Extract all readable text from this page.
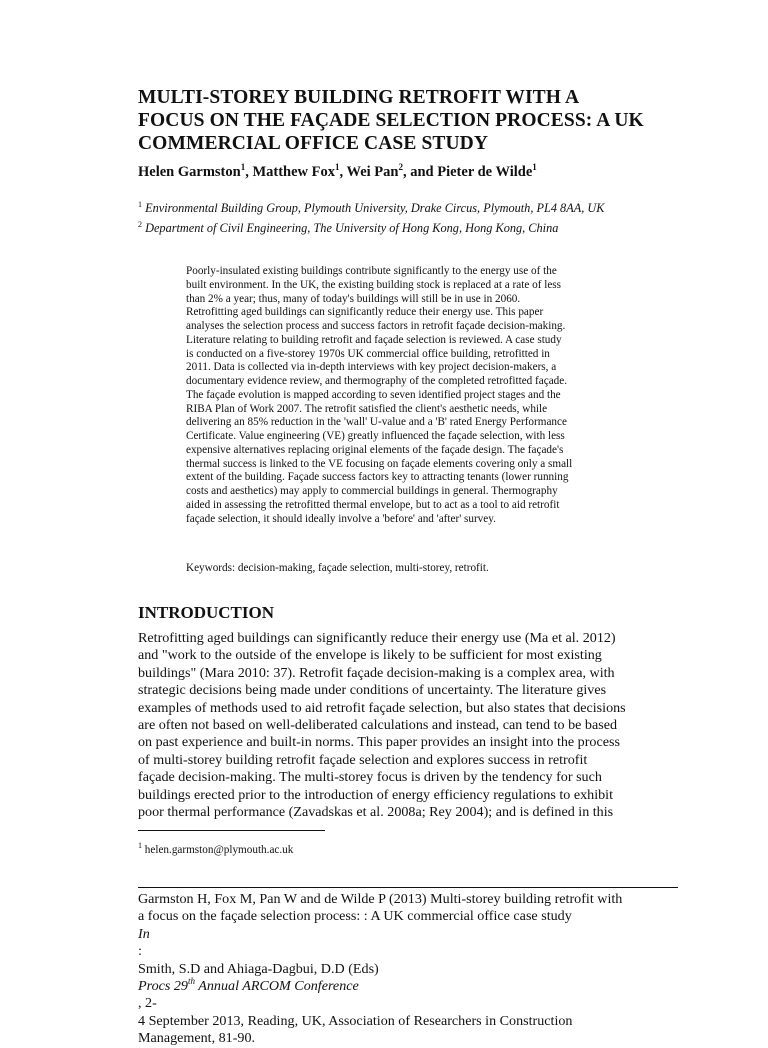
MULTI-STOREY BUILDING RETROFIT WITH A
FOCUS ON THE FAÇADE SELECTION PROCESS: A UK
COMMERCIAL OFFICE CASE STUDY

Helen Garmston$^1$, Matthew Fox$^1$, Wei Pan$^2$, and Pieter de Wilde$^1$

$^1$ Environmental Building Group, Plymouth University, Drake Circus, Plymouth, PL4 8AA, UK

$^2$ Department of Civil Engineering, The University of Hong Kong, Hong Kong, China

Poorly-insulated existing buildings contribute significantly to the energy use of the
built environment. In the UK, the existing building stock is replaced at a rate of less
than 2% a year; thus, many of today's buildings will still be in use in 2060.
Retrofitting aged buildings can significantly reduce their energy use. This paper
analyses the selection process and success factors in retrofit façade decision-making.
Literature relating to building retrofit and façade selection is reviewed. A case study
is conducted on a five-storey 1970s UK commercial office building, retrofitted in
2011. Data is collected via in-depth interviews with key project decision-makers, a
documentary evidence review, and thermography of the completed retrofitted façade.
The façade evolution is mapped according to seven identified project stages and the
RIBA Plan of Work 2007. The retrofit satisfied the client's aesthetic needs, while
delivering an 85% reduction in the 'wall' U-value and a 'B' rated Energy Performance
Certificate. Value engineering (VE) greatly influenced the façade selection, with less
expensive alternatives replacing original elements of the façade design. The façade's
thermal success is linked to the VE focusing on façade elements covering only a small
extent of the building. Façade success factors key to attracting tenants (lower running
costs and aesthetics) may apply to commercial buildings in general. Thermography
aided in assessing the retrofitted thermal envelope, but to act as a tool to aid retrofit
façade selection, it should ideally involve a 'before' and 'after' survey.

Keywords: decision-making, façade selection, multi-storey, retrofit.

INTRODUCTION
Retrofitting aged buildings can significantly reduce their energy use (Ma et al. 2012)
and "work to the outside of the envelope is likely to be sufficient for most existing
buildings" (Mara 2010: 37). Retrofit façade decision-making is a complex area, with
strategic decisions being made under conditions of uncertainty. The literature gives
examples of methods used to aid retrofit façade selection, but also states that decisions
are often not based on well-deliberated calculations and instead, can tend to be based
on past experience and built-in norms. This paper provides an insight into the process
of multi-storey building retrofit façade selection and explores success in retrofit
façade decision-making. The multi-storey focus is driven by the tendency for such
buildings erected prior to the introduction of energy efficiency regulations to exhibit
poor thermal performance (Zavadskas et al. 2008a; Rey 2004); and is defined in this

$^1$ helen.garmston@plymouth.ac.uk

Garmston H, Fox M, Pan W and de Wilde P (2013) Multi-storey building retrofit with
a focus on the façade selection process: : A UK commercial office case study
In
:
Smith, S.D and Ahiaga-Dagbui, D.D (Eds)
Procs 29th Annual ARCOM Conference
, 2-
4 September 2013, Reading, UK, Association of Researchers in Construction
Management, 81-90.
